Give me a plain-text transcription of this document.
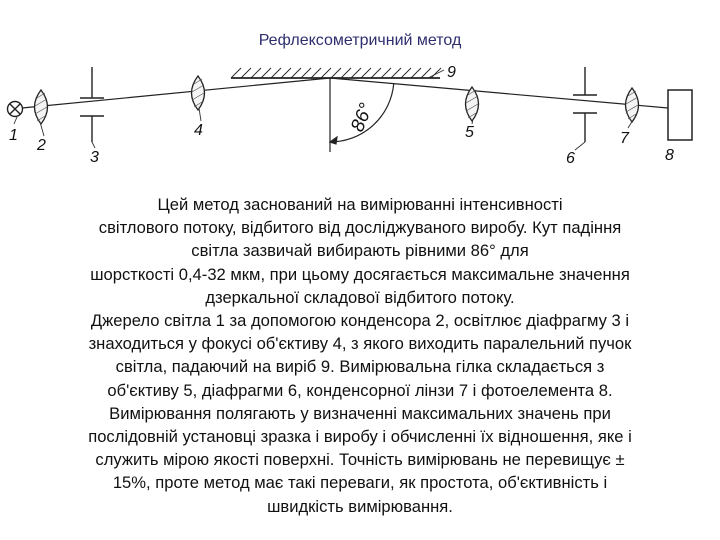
Рефлексометричний метод
86°
1
2
3
4	5
6
7
8
9

Цей метод заснований на вимірюванні інтенсивності

світлового потоку, відбитого від досліджуваного виробу. Кут падіння

світла зазвичай вибирають рівними 86° для

шорсткості 0,4-32 мкм, при цьому досягається максимальне значення

дзеркальної складової відбитого потоку.

Джерело світла 1 за допомогою конденсора 2, освітлює діафрагму 3 і

знаходиться у фокусі об'єктиву 4, з якого виходить паралельний пучок

світла, падаючий на виріб 9. Вимірювальна гілка складається з

об'єктиву 5, діафрагми 6, конденсорної лінзи 7 і фотоелемента 8.

Вимірювання полягають у визначенні максимальних значень при

послідовній установці зразка і виробу і обчисленні їх відношення, яке і

служить мірою якості поверхні. Точність вимірювань не перевищує ±

15%, проте метод має такі переваги, як простота, об'єктивність і

швидкість вимірювання.
